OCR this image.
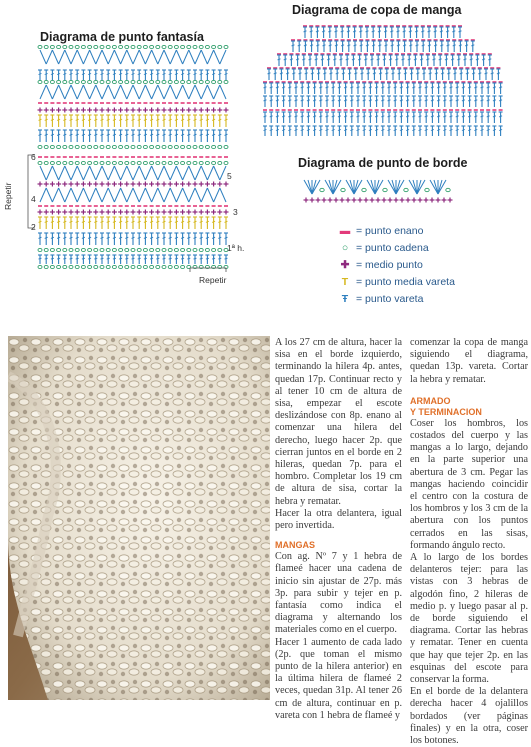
Diagrama de punto fantasía
Diagrama de copa de manga
Diagrama de punto de borde
6
5
4
3
2
1ª h.
Repetir
Repetir
▬ = punto enano
○ = punto cadena
✚ = medio punto
T = punto media vareta
Ŧ = punto vareta

A los 27 cm de altura, hacer la sisa en el borde izquierdo, terminando la hilera 4p. antes, quedan 17p. Continuar recto y al tener 10 cm de altura de sisa, empezar el escote deslizándose con 8p. enano al comenzar una hilera del derecho, luego hacer 2p. que cierran juntos en el borde en 2 hileras, quedan 7p. para el hombro. Completar los 19 cm de altura de sisa, cortar la hebra y rematar.

Hacer la otra delantera, igual pero invertida.

MANGAS

Con ag. Nº 7 y 1 hebra de flameé hacer una cadena de inicio sin ajustar de 27p. más 3p. para subir y tejer en p. fantasía como indica el diagrama y alternando los materiales como en el cuerpo.

Hacer 1 aumento de cada lado (2p. que toman el mismo punto de la hilera anterior) en la última hilera de flameé 2 veces, quedan 31p. Al tener 26 cm de altura, continuar en p. vareta con 1 hebra de flameé y

comenzar la copa de manga siguiendo el diagrama, quedan 13p. vareta. Cortar la hebra y rematar.

ARMADO
Y TERMINACION

Coser los hombros, los costados del cuerpo y las mangas a lo largo, dejando en la parte superior una abertura de 3 cm. Pegar las mangas haciendo coincidir el centro con la costura de los hombros y los 3 cm de la abertura con los puntos cerrados en las sisas, formando ángulo recto.

A lo largo de los bordes delanteros tejer: para las vistas con 3 hebras de algodón fino, 2 hileras de medio p. y luego pasar al p. de borde siguiendo el diagrama. Cortar las hebras y rematar. Tener en cuenta que hay que tejer 2p. en las esquinas del escote para conservar la forma.

En el borde de la delantera derecha hacer 4 ojalillos bordados (ver páginas finales) y en la otra, coser los botones.
